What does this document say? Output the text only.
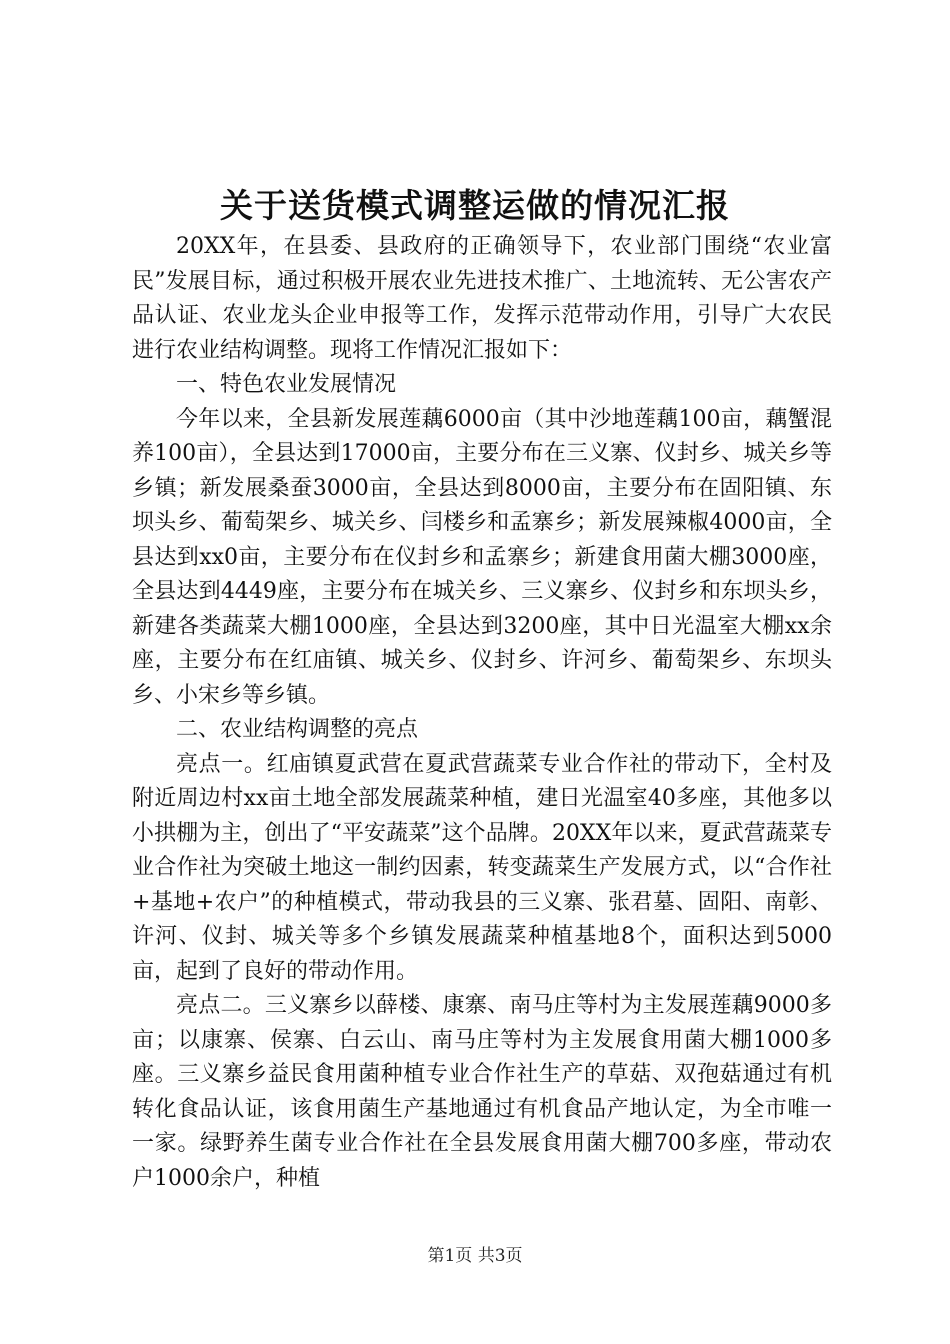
关于送货模式调整运做的情况汇报

20XX年，在县委、县政府的正确领导下，农业部门围绕“农业富民”发展目标，通过积极开展农业先进技术推广、土地流转、无公害农产品认证、农业龙头企业申报等工作，发挥示范带动作用，引导广大农民进行农业结构调整。现将工作情况汇报如下：

一、特色农业发展情况

今年以来，全县新发展莲藕6000亩（其中沙地莲藕100亩，藕蟹混养100亩），全县达到17000亩，主要分布在三义寨、仪封乡、城关乡等乡镇；新发展桑蚕3000亩，全县达到8000亩，主要分布在固阳镇、东坝头乡、葡萄架乡、城关乡、闫楼乡和孟寨乡；新发展辣椒4000亩，全县达到xx0亩，主要分布在仪封乡和孟寨乡；新建食用菌大棚3000座，全县达到4449座，主要分布在城关乡、三义寨乡、仪封乡和东坝头乡，新建各类蔬菜大棚1000座，全县达到3200座，其中日光温室大棚xx余座，主要分布在红庙镇、城关乡、仪封乡、许河乡、葡萄架乡、东坝头乡、小宋乡等乡镇。

二、农业结构调整的亮点

亮点一。红庙镇夏武营在夏武营蔬菜专业合作社的带动下，全村及附近周边村xx亩土地全部发展蔬菜种植，建日光温室40多座，其他多以小拱棚为主，创出了“平安蔬菜”这个品牌。20XX年以来，夏武营蔬菜专业合作社为突破土地这一制约因素，转变蔬菜生产发展方式，以“合作社+基地+农户”的种植模式，带动我县的三义寨、张君墓、固阳、南彰、许河、仪封、城关等多个乡镇发展蔬菜种植基地8个，面积达到5000亩，起到了良好的带动作用。

亮点二。三义寨乡以薛楼、康寨、南马庄等村为主发展莲藕9000多亩；以康寨、侯寨、白云山、南马庄等村为主发展食用菌大棚1000多座。三义寨乡益民食用菌种植专业合作社生产的草菇、双孢菇通过有机转化食品认证，该食用菌生产基地通过有机食品产地认定，为全市唯一一家。绿野养生菌专业合作社在全县发展食用菌大棚700多座，带动农户1000余户，种植

第1页 共3页
